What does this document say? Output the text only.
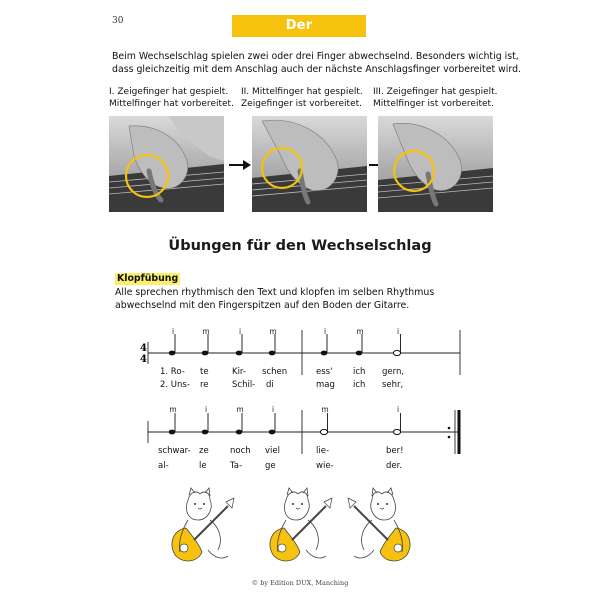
30	Der Wechselschlag
Beim Wechselschlag spielen zwei oder drei Finger abwechselnd. Besonders wichtig ist,
dass gleichzeitig mit dem Anschlag auch der nächste Anschlagsfinger vorbereitet wird.
I. Zeigefinger hat gespielt.
Mittelfinger hat vorbereitet.
II. Mittelfinger hat gespielt.
Zeigefinger ist vorbereitet.
III. Zeigefinger hat gespielt.
Mittelfinger ist vorbereitet.
Übungen für den Wechselschlag
Klopfübung
Alle sprechen rhythmisch den Text und klopfen im selben Rhythmus
abwechselnd mit den Fingerspitzen auf den Boden der Gitarre.
4
4
i	m	i	m	i	m	i
1. Ro- te	Kir- schen	ess' ich gern,
2. Uns- re	Schil- di	mag ich sehr,
m	i	m	i	m	i
schwar- ze	noch viel	lie-	ber!
al-	le	Ta-	ge	wie-	der.
© by Edition DUX, Manching
